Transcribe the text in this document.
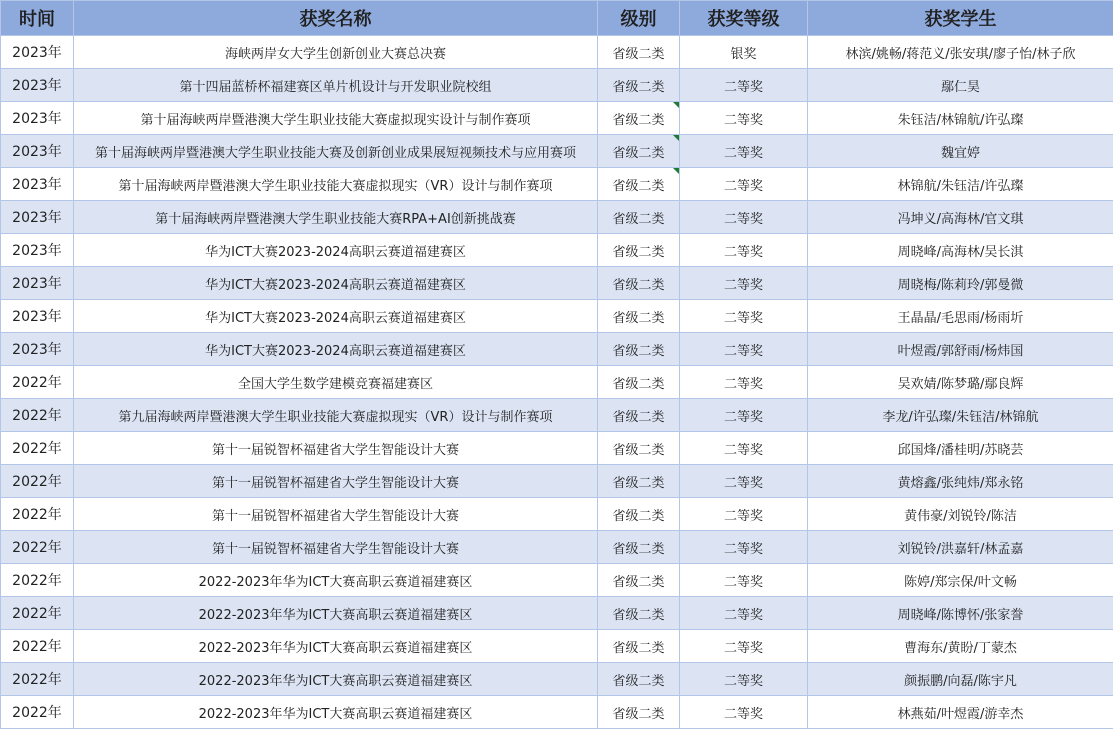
时间	获奖名称	级别	获奖等级	获奖学生
2023年	海峡两岸女大学生创新创业大赛总决赛	省级二类	银奖	林滨/姚畅/蒋范义/张安琪/廖子怡/林子欣
2023年	第十四届蓝桥杯福建赛区单片机设计与开发职业院校组	省级二类	二等奖	鄢仁昊
2023年	第十届海峡两岸暨港澳大学生职业技能大赛虚拟现实设计与制作赛项	省级二类	二等奖	朱钰洁/林锦航/许弘璨
2023年	第十届海峡两岸暨港澳大学生职业技能大赛及创新创业成果展短视频技术与应用赛项	省级二类	二等奖	魏宜婷
2023年	第十届海峡两岸暨港澳大学生职业技能大赛虚拟现实（VR）设计与制作赛项	省级二类	二等奖	林锦航/朱钰洁/许弘璨
2023年	第十届海峡两岸暨港澳大学生职业技能大赛RPA+AI创新挑战赛	省级二类	二等奖	冯坤义/高海林/官文琪
2023年	华为ICT大赛2023-2024高职云赛道福建赛区	省级二类	二等奖	周晓峰/高海林/吴长淇
2023年	华为ICT大赛2023-2024高职云赛道福建赛区	省级二类	二等奖	周晓梅/陈莉玲/郭曼微
2023年	华为ICT大赛2023-2024高职云赛道福建赛区	省级二类	二等奖	王晶晶/毛思雨/杨雨圻
2023年	华为ICT大赛2023-2024高职云赛道福建赛区	省级二类	二等奖	叶煜霞/郭舒雨/杨炜国
2022年	全国大学生数学建模竞赛福建赛区	省级二类	二等奖	吴欢婧/陈梦璐/鄢良辉
2022年	第九届海峡两岸暨港澳大学生职业技能大赛虚拟现实（VR）设计与制作赛项	省级二类	二等奖	李龙/许弘璨/朱钰洁/林锦航
2022年	第十一届锐智杯福建省大学生智能设计大赛	省级二类	二等奖	邱国烽/潘桂明/苏晓芸
2022年	第十一届锐智杯福建省大学生智能设计大赛	省级二类	二等奖	黄熔鑫/张纯炜/郑永铭
2022年	第十一届锐智杯福建省大学生智能设计大赛	省级二类	二等奖	黄伟豪/刘锐铃/陈洁
2022年	第十一届锐智杯福建省大学生智能设计大赛	省级二类	二等奖	刘锐铃/洪嘉轩/林孟嘉
2022年	2022-2023年华为ICT大赛高职云赛道福建赛区	省级二类	二等奖	陈婷/郑宗保/叶文畅
2022年	2022-2023年华为ICT大赛高职云赛道福建赛区	省级二类	二等奖	周晓峰/陈博怀/张家誊
2022年	2022-2023年华为ICT大赛高职云赛道福建赛区	省级二类	二等奖	曹海东/黄盼/丁蒙杰
2022年	2022-2023年华为ICT大赛高职云赛道福建赛区	省级二类	二等奖	颜振鹏/向磊/陈宇凡
2022年	2022-2023年华为ICT大赛高职云赛道福建赛区	省级二类	二等奖	林燕茹/叶煜霞/游幸杰
